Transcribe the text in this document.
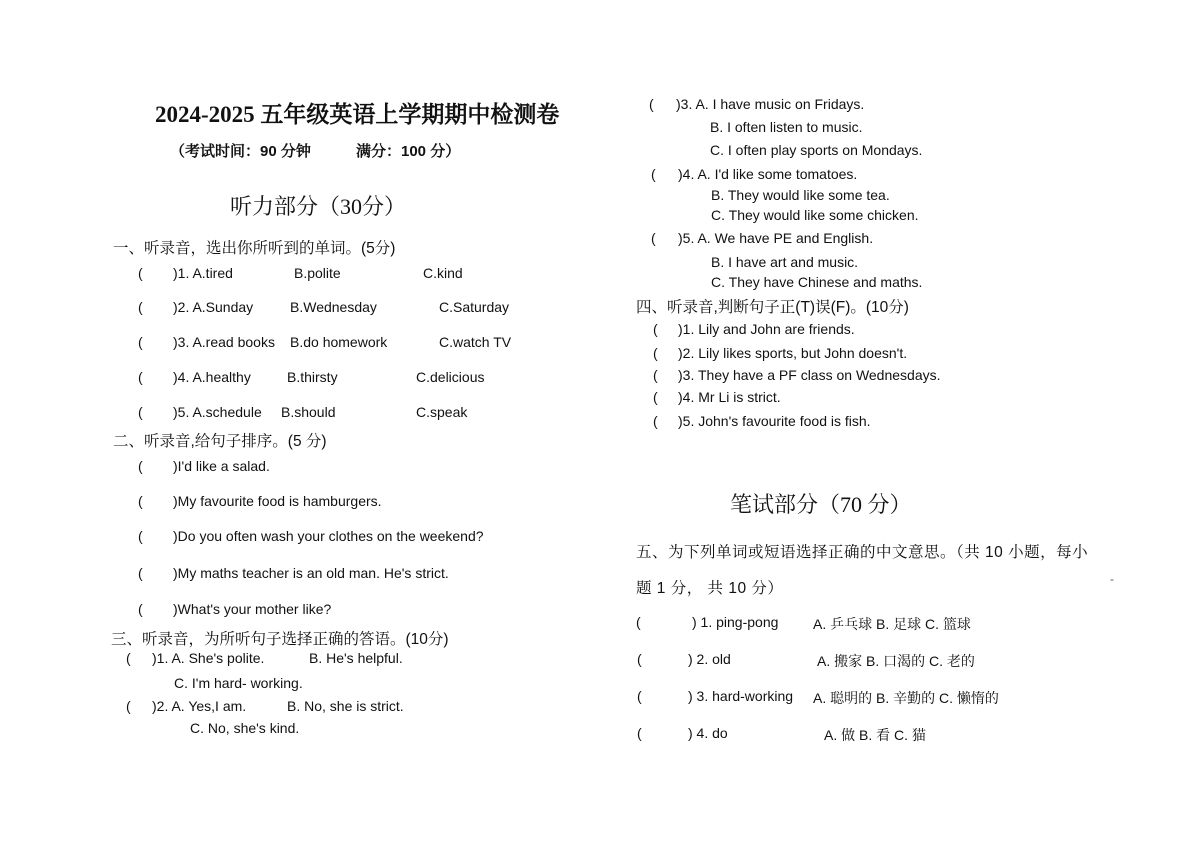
2024-2025 五年级英语上学期期中检测卷
（考试时间：90 分钟	满分：100 分）
听力部分（30分）
一、听录音，选出你所听到的单词。(5分)
( )1. A.tired	B.polite	C.kind
( )2. A.Sunday	B.Wednesday	C.Saturday
( )3. A.read books B.do homework	C.watch TV
( )4. A.healthy	B.thirsty	C.delicious
( )5. A.schedule B.should	C.speak
二、听录音,给句子排序。(5 分)
( )I'd like a salad.
( )My favourite food is hamburgers.
( )Do you often wash your clothes on the weekend?
( )My maths teacher is an old man. He's strict.
( )What's your mother like?
三、听录音，为所听句子选择正确的答语。(10分)
( )1. A. She's polite.	B. He's helpful.
C. I'm hard- working.
( )2. A. Yes,I am.	B. No, she is strict.
C. No, she's kind.
( )3. A. I have music on Fridays.
B. I often listen to music.
C. I often play sports on Mondays.
( )4. A. I'd like some tomatoes.
B. They would like some tea.
C. They would like some chicken.
( )5. A. We have PE and English.
B. I have art and music.
C. They have Chinese and maths.
四、听录音,判断句子正(T)误(F)。(10分)
( )1. Lily and John are friends.
( )2. Lily likes sports, but John doesn't.
( )3. They have a PF class on Wednesdays.
( )4. Mr Li is strict.
( )5. John's favourite food is fish.
笔试部分（70 分）
五、为下列单词或短语选择正确的中文意思。（共 10 小题，每小
题 1 分， 共 10 分）
-
(	) 1. ping-pong A. 乒乓球 B. 足球 C. 篮球
(	) 2. old	A. 搬家 B. 口渴的 C. 老的
(	) 3. hard-working A. 聪明的 B. 辛勤的 C. 懒惰的
(	) 4. do	A. 做 B. 看 C. 猫
